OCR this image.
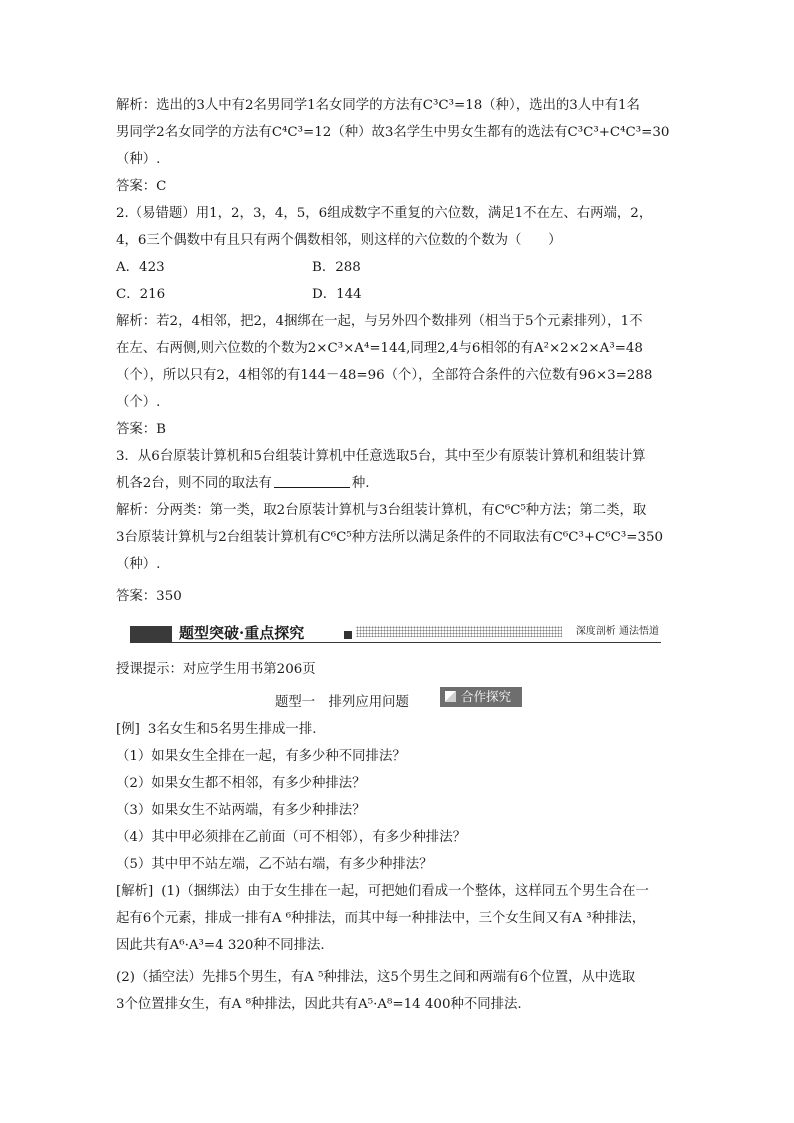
解析：选出的3人中有2名男同学1名女同学的方法有C³C³=18（种），选出的3人中有1名
男同学2名女同学的方法有C⁴C³=12（种）故3名学生中男女生都有的选法有C³C³+C⁴C³=30
（种）.
答案：C
2.（易错题）用1，2，3，4，5，6组成数字不重复的六位数，满足1不在左、右两端，2，
4，6三个偶数中有且只有两个偶数相邻，则这样的六位数的个数为（　　）
A．423	B．288
C．216	D．144
解析：若2，4相邻，把2，4捆绑在一起，与另外四个数排列（相当于5个元素排列），1不
在左、右两侧,则六位数的个数为2×C³×A⁴=144,同理2,4与6相邻的有A²×2×2×A³=48
（个），所以只有2，4相邻的有144－48=96（个），全部符合条件的六位数有96×3=288
（个）.
答案：B
3．从6台原装计算机和5台组装计算机中任意选取5台，其中至少有原装计算机和组装计算
机各2台，则不同的取法有	种.
解析：分两类：第一类，取2台原装计算机与3台组装计算机，有C⁶C⁵种方法；第二类，取
3台原装计算机与2台组装计算机有C⁶C⁵种方法所以满足条件的不同取法有C⁶C³+C⁶C³=350
（种）.
答案：350
题型突破·重点探究	深度剖析 通法悟道
授课提示：对应学生用书第206页
题型一　排列应用问题	合作探究
[例] 3名女生和5名男生排成一排.
（1）如果女生全排在一起，有多少种不同排法？
（2）如果女生都不相邻，有多少种排法？
（3）如果女生不站两端，有多少种排法？
（4）其中甲必须排在乙前面（可不相邻），有多少种排法？
（5）其中甲不站左端，乙不站右端，有多少种排法？
[解析] (1)（捆绑法）由于女生排在一起，可把她们看成一个整体，这样同五个男生合在一
起有6个元素，排成一排有A ⁶种排法，而其中每一种排法中，三个女生间又有A ³种排法，
因此共有A⁶·A³=4 320种不同排法.
(2)（插空法）先排5个男生，有A ⁵种排法，这5个男生之间和两端有6个位置，从中选取
3个位置排女生，有A ⁸种排法，因此共有A⁵·A⁸=14 400种不同排法.
